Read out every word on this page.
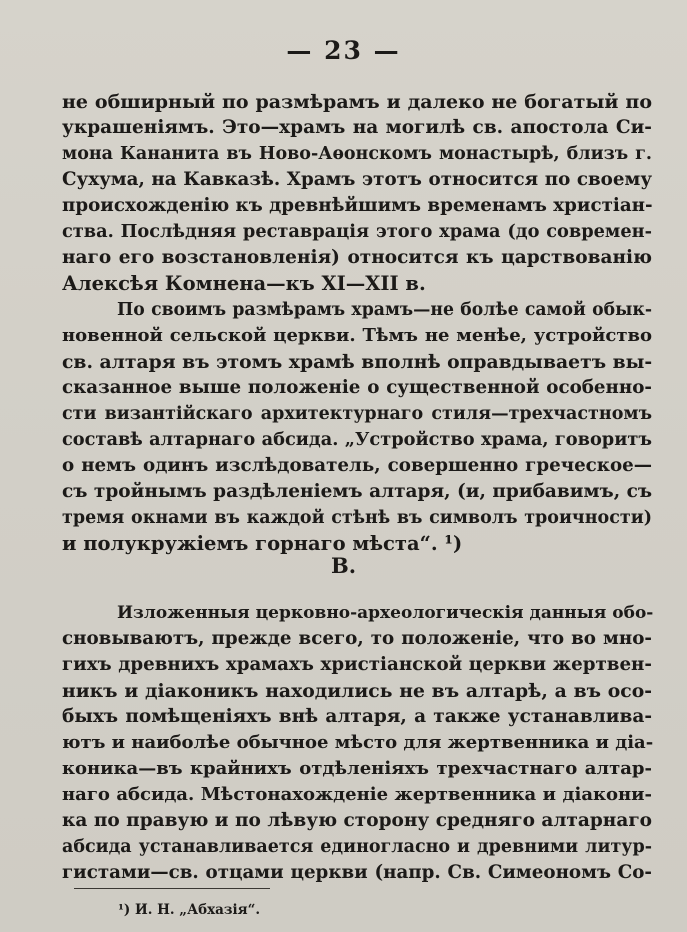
— 23 —
не обширный по размѣрамъ и далеко не богатый по
украшеніямъ. Это—храмъ на могилѣ св. апостола Си-
мона Кананита въ Ново-Аѳонскомъ монастырѣ, близъ г.
Сухума, на Кавказѣ. Храмъ этотъ относится по своему
происхожденію къ древнѣйшимъ временамъ христіан-
ства. Послѣдняя реставрація этого храма (до современ-
наго его возстановленія) относится къ царствованію
Алексѣя Комнена—къ XI—XII в.
По своимъ размѣрамъ храмъ—не болѣе самой обык-
новенной сельской церкви. Тѣмъ не менѣе, устройство
св. алтаря въ этомъ храмѣ вполнѣ оправдываетъ вы-
сказанное выше положеніе о существенной особенно-
сти византійскаго архитектурнаго стиля—трехчастномъ
составѣ алтарнаго абсида. „Устройство храма, говоритъ
о немъ одинъ изслѣдователь, совершенно греческое—
съ тройнымъ раздѣленіемъ алтаря, (и, прибавимъ, съ
тремя окнами въ каждой стѣнѣ въ символъ троичности)
и полукружіемъ горнаго мѣста“. ¹)
В.
Изложенныя церковно-археологическія данныя обо-
сновываютъ, прежде всего, то положеніе, что во мно-
гихъ древнихъ храмахъ христіанской церкви жертвен-
никъ и діаконикъ находились не въ алтарѣ, а въ осо-
быхъ помѣщеніяхъ внѣ алтаря, а также устанавлива-
ютъ и наиболѣе обычное мѣсто для жертвенника и діа-
коника—въ крайнихъ отдѣленіяхъ трехчастнаго алтар-
наго абсида. Мѣстонахожденіе жертвенника и діакони-
ка по правую и по лѣвую сторону средняго алтарнаго
абсида устанавливается единогласно и древними литур-
гистами—св. отцами церкви (напр. Св. Симеономъ Со-
¹) И. Н. „Абхазія“.
